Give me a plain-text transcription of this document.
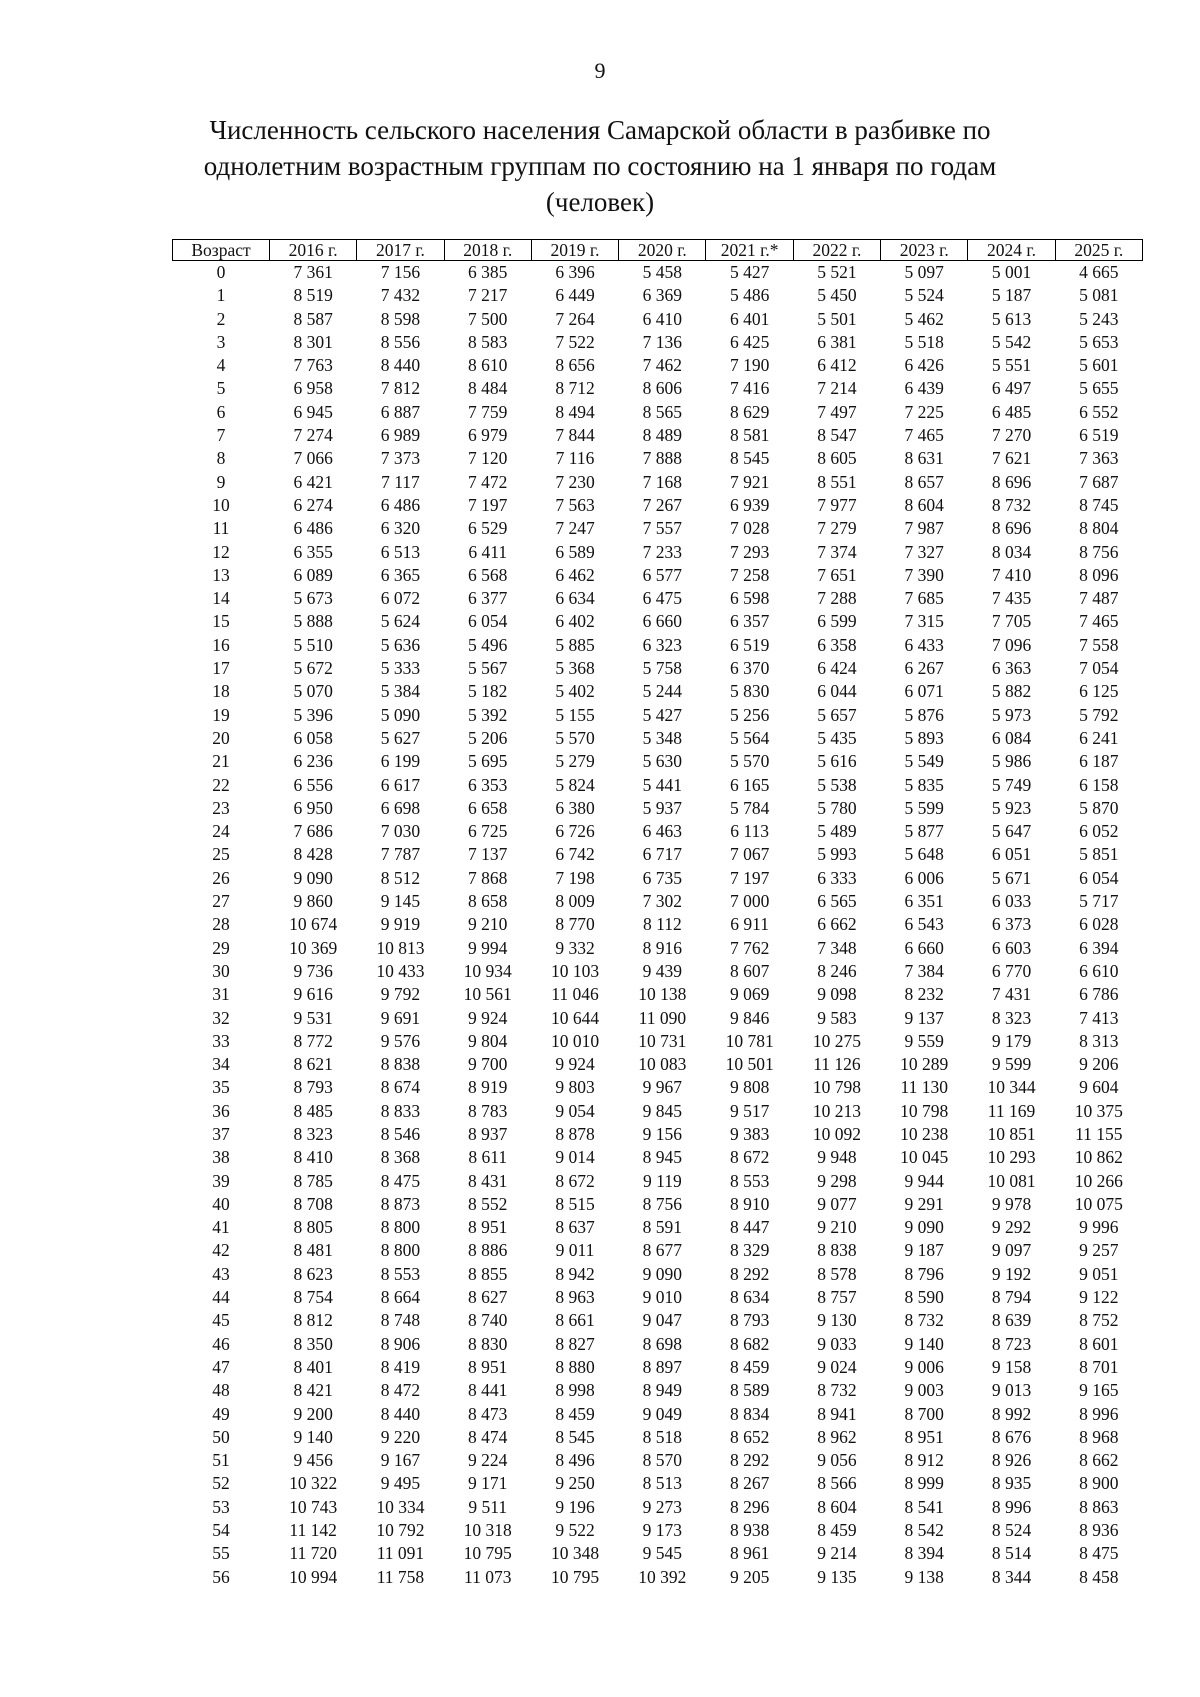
9
Численность сельского населения Самарской области в разбивке по
однолетним возрастным группам по состоянию на 1 января по годам
(человек)
Возраст	2016 г.	2017 г.	2018 г.	2019 г.	2020 г.	2021 г.*	2022 г.	2023 г.	2024 г.	2025 г.
0	7 361	7 156	6 385	6 396	5 458	5 427	5 521	5 097	5 001	4 665
1	8 519	7 432	7 217	6 449	6 369	5 486	5 450	5 524	5 187	5 081
2	8 587	8 598	7 500	7 264	6 410	6 401	5 501	5 462	5 613	5 243
3	8 301	8 556	8 583	7 522	7 136	6 425	6 381	5 518	5 542	5 653
4	7 763	8 440	8 610	8 656	7 462	7 190	6 412	6 426	5 551	5 601
5	6 958	7 812	8 484	8 712	8 606	7 416	7 214	6 439	6 497	5 655
6	6 945	6 887	7 759	8 494	8 565	8 629	7 497	7 225	6 485	6 552
7	7 274	6 989	6 979	7 844	8 489	8 581	8 547	7 465	7 270	6 519
8	7 066	7 373	7 120	7 116	7 888	8 545	8 605	8 631	7 621	7 363
9	6 421	7 117	7 472	7 230	7 168	7 921	8 551	8 657	8 696	7 687
10	6 274	6 486	7 197	7 563	7 267	6 939	7 977	8 604	8 732	8 745
11	6 486	6 320	6 529	7 247	7 557	7 028	7 279	7 987	8 696	8 804
12	6 355	6 513	6 411	6 589	7 233	7 293	7 374	7 327	8 034	8 756
13	6 089	6 365	6 568	6 462	6 577	7 258	7 651	7 390	7 410	8 096
14	5 673	6 072	6 377	6 634	6 475	6 598	7 288	7 685	7 435	7 487
15	5 888	5 624	6 054	6 402	6 660	6 357	6 599	7 315	7 705	7 465
16	5 510	5 636	5 496	5 885	6 323	6 519	6 358	6 433	7 096	7 558
17	5 672	5 333	5 567	5 368	5 758	6 370	6 424	6 267	6 363	7 054
18	5 070	5 384	5 182	5 402	5 244	5 830	6 044	6 071	5 882	6 125
19	5 396	5 090	5 392	5 155	5 427	5 256	5 657	5 876	5 973	5 792
20	6 058	5 627	5 206	5 570	5 348	5 564	5 435	5 893	6 084	6 241
21	6 236	6 199	5 695	5 279	5 630	5 570	5 616	5 549	5 986	6 187
22	6 556	6 617	6 353	5 824	5 441	6 165	5 538	5 835	5 749	6 158
23	6 950	6 698	6 658	6 380	5 937	5 784	5 780	5 599	5 923	5 870
24	7 686	7 030	6 725	6 726	6 463	6 113	5 489	5 877	5 647	6 052
25	8 428	7 787	7 137	6 742	6 717	7 067	5 993	5 648	6 051	5 851
26	9 090	8 512	7 868	7 198	6 735	7 197	6 333	6 006	5 671	6 054
27	9 860	9 145	8 658	8 009	7 302	7 000	6 565	6 351	6 033	5 717
28	10 674	9 919	9 210	8 770	8 112	6 911	6 662	6 543	6 373	6 028
29	10 369	10 813	9 994	9 332	8 916	7 762	7 348	6 660	6 603	6 394
30	9 736	10 433	10 934	10 103	9 439	8 607	8 246	7 384	6 770	6 610
31	9 616	9 792	10 561	11 046	10 138	9 069	9 098	8 232	7 431	6 786
32	9 531	9 691	9 924	10 644	11 090	9 846	9 583	9 137	8 323	7 413
33	8 772	9 576	9 804	10 010	10 731	10 781	10 275	9 559	9 179	8 313
34	8 621	8 838	9 700	9 924	10 083	10 501	11 126	10 289	9 599	9 206
35	8 793	8 674	8 919	9 803	9 967	9 808	10 798	11 130	10 344	9 604
36	8 485	8 833	8 783	9 054	9 845	9 517	10 213	10 798	11 169	10 375
37	8 323	8 546	8 937	8 878	9 156	9 383	10 092	10 238	10 851	11 155
38	8 410	8 368	8 611	9 014	8 945	8 672	9 948	10 045	10 293	10 862
39	8 785	8 475	8 431	8 672	9 119	8 553	9 298	9 944	10 081	10 266
40	8 708	8 873	8 552	8 515	8 756	8 910	9 077	9 291	9 978	10 075
41	8 805	8 800	8 951	8 637	8 591	8 447	9 210	9 090	9 292	9 996
42	8 481	8 800	8 886	9 011	8 677	8 329	8 838	9 187	9 097	9 257
43	8 623	8 553	8 855	8 942	9 090	8 292	8 578	8 796	9 192	9 051
44	8 754	8 664	8 627	8 963	9 010	8 634	8 757	8 590	8 794	9 122
45	8 812	8 748	8 740	8 661	9 047	8 793	9 130	8 732	8 639	8 752
46	8 350	8 906	8 830	8 827	8 698	8 682	9 033	9 140	8 723	8 601
47	8 401	8 419	8 951	8 880	8 897	8 459	9 024	9 006	9 158	8 701
48	8 421	8 472	8 441	8 998	8 949	8 589	8 732	9 003	9 013	9 165
49	9 200	8 440	8 473	8 459	9 049	8 834	8 941	8 700	8 992	8 996
50	9 140	9 220	8 474	8 545	8 518	8 652	8 962	8 951	8 676	8 968
51	9 456	9 167	9 224	8 496	8 570	8 292	9 056	8 912	8 926	8 662
52	10 322	9 495	9 171	9 250	8 513	8 267	8 566	8 999	8 935	8 900
53	10 743	10 334	9 511	9 196	9 273	8 296	8 604	8 541	8 996	8 863
54	11 142	10 792	10 318	9 522	9 173	8 938	8 459	8 542	8 524	8 936
55	11 720	11 091	10 795	10 348	9 545	8 961	9 214	8 394	8 514	8 475
56	10 994	11 758	11 073	10 795	10 392	9 205	9 135	9 138	8 344	8 458
